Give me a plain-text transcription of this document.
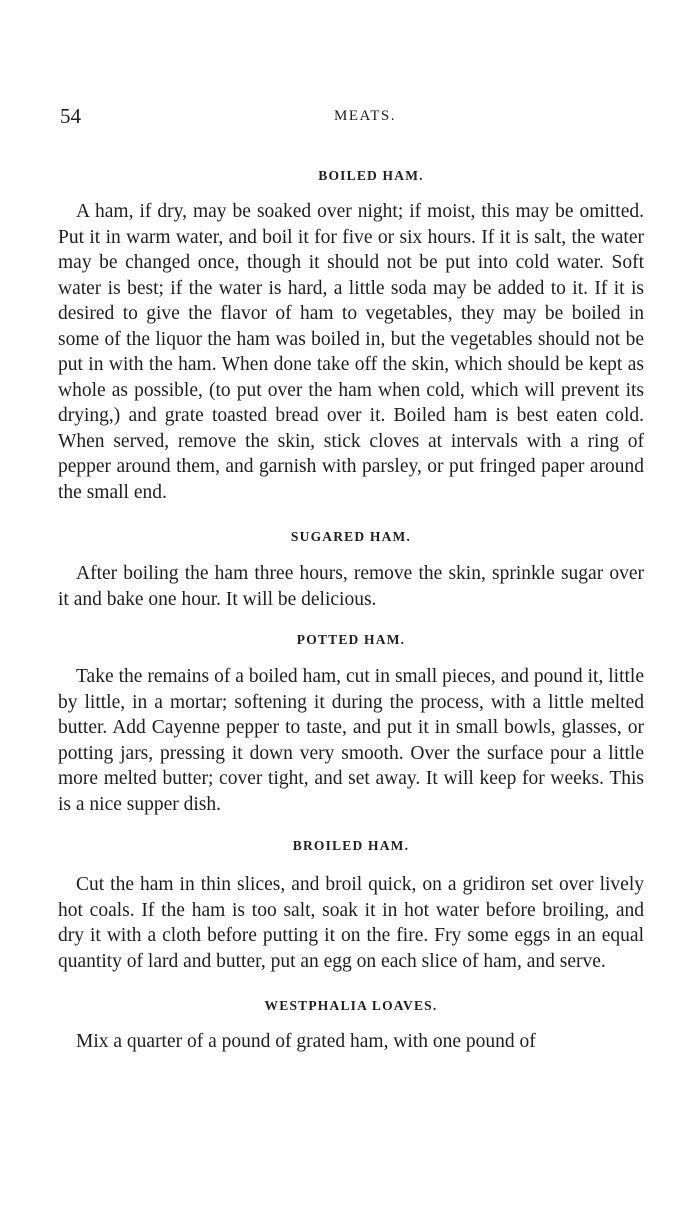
54	MEATS.
BOILED HAM.

A ham, if dry, may be soaked over night; if moist, this may be omitted. Put it in warm water, and boil it for five or six hours. If it is salt, the water may be changed once, though it should not be put into cold water. Soft water is best; if the water is hard, a little soda may be added to it. If it is desired to give the flavor of ham to vegetables, they may be boiled in some of the liquor the ham was boiled in, but the vegetables should not be put in with the ham. When done take off the skin, which should be kept as whole as possible, (to put over the ham when cold, which will prevent its drying,) and grate toasted bread over it. Boiled ham is best eaten cold. When served, remove the skin, stick cloves at intervals with a ring of pepper around them, and garnish with parsley, or put fringed paper around the small end.

SUGARED HAM.

After boiling the ham three hours, remove the skin, sprinkle sugar over it and bake one hour. It will be delicious.

POTTED HAM.

Take the remains of a boiled ham, cut in small pieces, and pound it, little by little, in a mortar; softening it during the process, with a little melted butter. Add Cayenne pepper to taste, and put it in small bowls, glasses, or potting jars, pressing it down very smooth. Over the surface pour a little more melted butter; cover tight, and set away. It will keep for weeks. This is a nice supper dish.

BROILED HAM.

Cut the ham in thin slices, and broil quick, on a gridiron set over lively hot coals. If the ham is too salt, soak it in hot water before broiling, and dry it with a cloth before putting it on the fire. Fry some eggs in an equal quantity of lard and butter, put an egg on each slice of ham, and serve.

WESTPHALIA LOAVES.

Mix a quarter of a pound of grated ham, with one pound of
